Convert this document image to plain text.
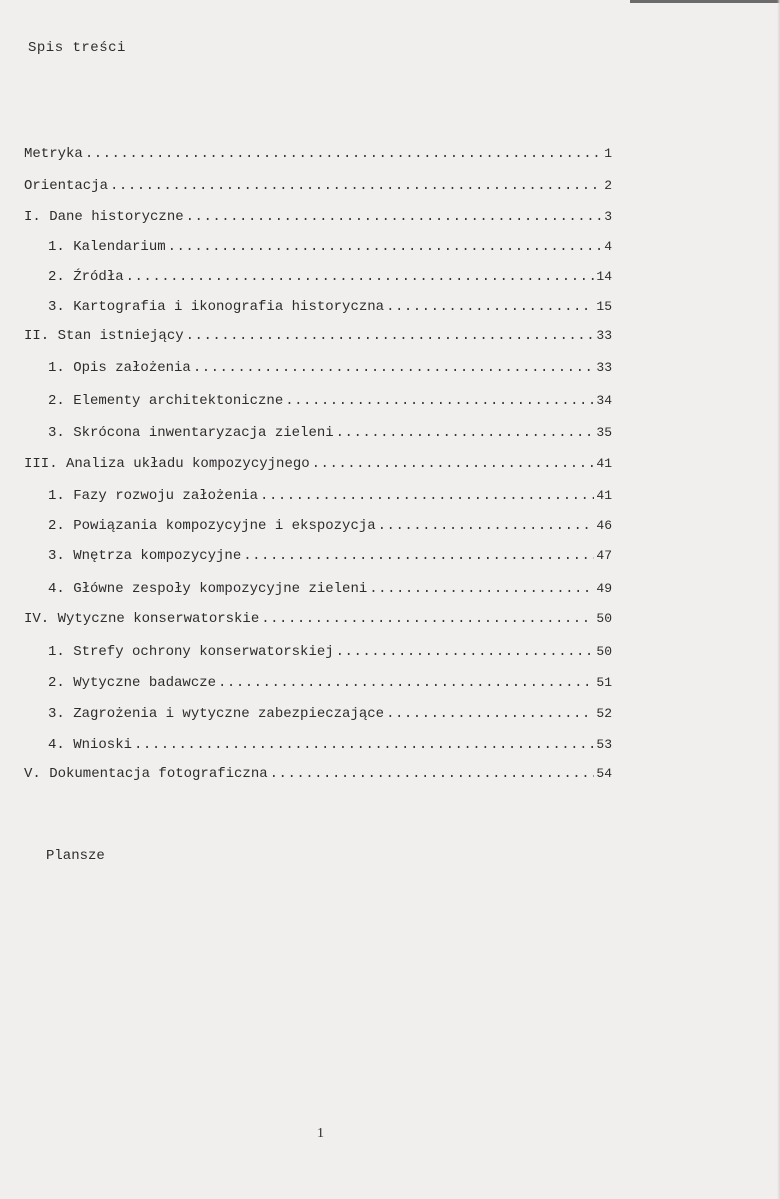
Spis treści
Metryka .....	1
Orientacja .....	2
I. Dane historyczne .....	3
1. Kalendarium .....	4
2. Źródła .....	14
3. Kartografia i ikonografia historyczna .....	15
II. Stan istniejący .....	33
1. Opis założenia .....	33
2. Elementy architektoniczne .....	34
3. Skrócona inwentaryzacja zieleni .....	35
III. Analiza układu kompozycyjnego .....	41
1. Fazy rozwoju założenia .....	41
2. Powiązania kompozycyjne i ekspozycja .....	46
3. Wnętrza kompozycyjne .....	47
4. Główne zespoły kompozycyjne zieleni .....	49
IV. Wytyczne konserwatorskie .....	50
1. Strefy ochrony konserwatorskiej .....	50
2. Wytyczne badawcze .....	51
3. Zagrożenia i wytyczne zabezpieczające .....	52
4. Wnioski .....	53
V. Dokumentacja fotograficzna .....	54
Plansze
1
